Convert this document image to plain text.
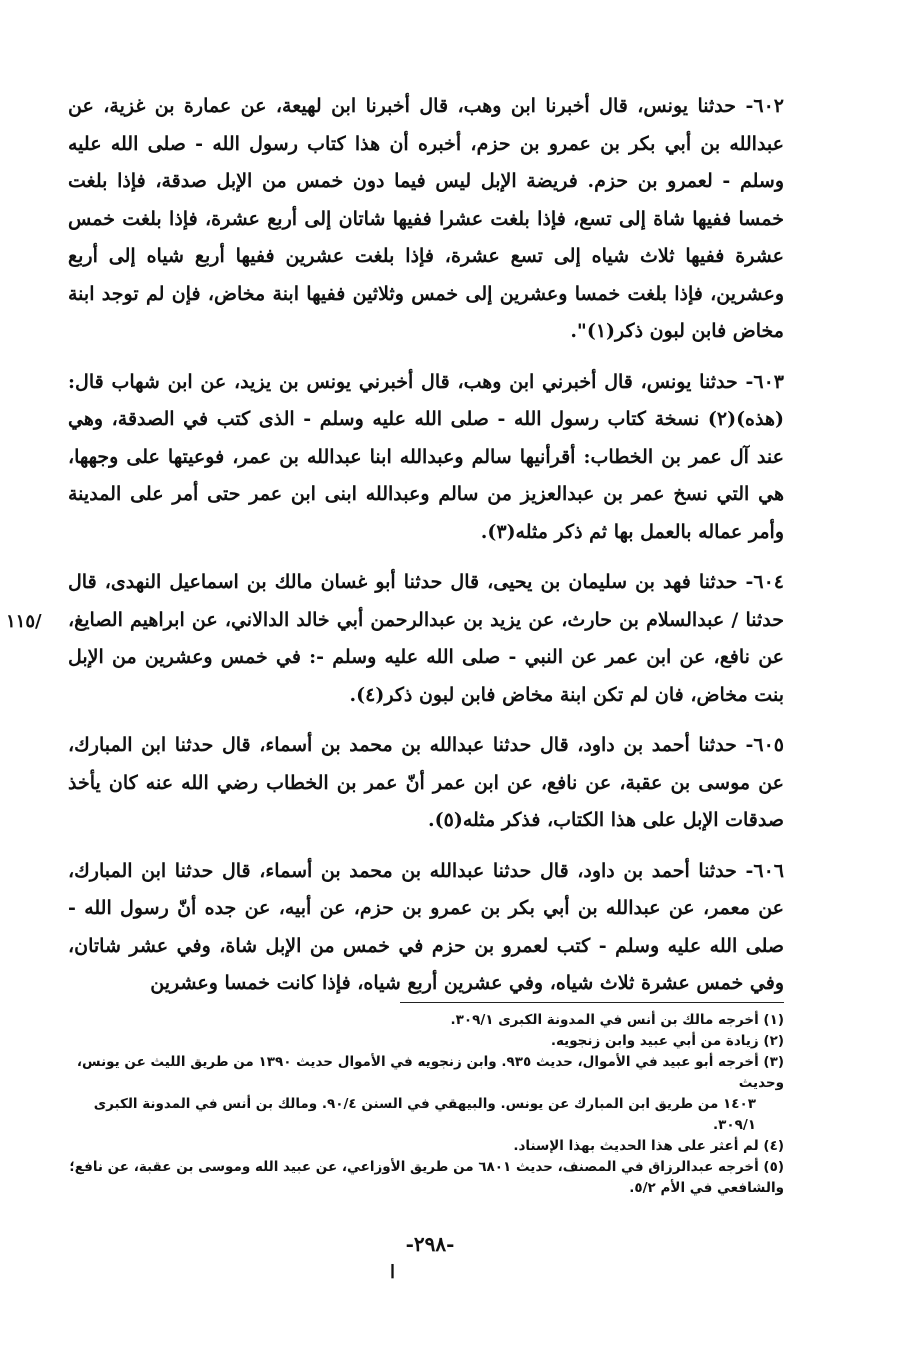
٦٠٢- حدثنا يونس، قال أخبرنا ابن وهب، قال أخبرنا ابن لهيعة، عن عمارة بن غزية، عن عبدالله بن أبي بكر بن عمرو بن حزم، أخبره أن هذا كتاب رسول الله - صلى الله عليه وسلم - لعمرو بن حزم. فريضة الإبل ليس فيما دون خمس من الإبل صدقة، فإذا بلغت خمسا ففيها شاة إلى تسع، فإذا بلغت عشرا ففيها شاتان إلى أربع عشرة، فإذا بلغت خمس عشرة ففيها ثلاث شياه إلى تسع عشرة، فإذا بلغت عشرين ففيها أربع شياه إلى أربع وعشرين، فإذا بلغت خمسا وعشرين إلى خمس وثلاثين ففيها ابنة مخاض، فإن لم توجد ابنة مخاض فابن لبون ذكر(١)".

٦٠٣- حدثنا يونس، قال أخبرني ابن وهب، قال أخبرني يونس بن يزيد، عن ابن شهاب قال: (هذه)(٢) نسخة كتاب رسول الله - صلى الله عليه وسلم - الذى كتب في الصدقة، وهي عند آل عمر بن الخطاب: أقرأنيها سالم وعبدالله ابنا عبدالله بن عمر، فوعيتها على وجهها، هي التي نسخ عمر بن عبدالعزيز من سالم وعبدالله ابنى ابن عمر حتى أمر على المدينة وأمر عماله بالعمل بها ثم ذكر مثله(٣).

٦٠٤- حدثنا فهد بن سليمان بن يحيى، قال حدثنا أبو غسان مالك بن اسماعيل النهدى، قال حدثنا / عبدالسلام بن حارث، عن يزيد بن عبدالرحمن أبي خالد الدالاني، عن ابراهيم الصايغ، عن نافع، عن ابن عمر عن النبي - صلى الله عليه وسلم -: في خمس وعشرين من الإبل بنت مخاض، فان لم تكن ابنة مخاض فابن لبون ذكر(٤).

٦٠٥- حدثنا أحمد بن داود، قال حدثنا عبدالله بن محمد بن أسماء، قال حدثنا ابن المبارك، عن موسى بن عقبة، عن نافع، عن ابن عمر أنّ عمر بن الخطاب رضي الله عنه كان يأخذ صدقات الإبل على هذا الكتاب، فذكر مثله(٥).

٦٠٦- حدثنا أحمد بن داود، قال حدثنا عبدالله بن محمد بن أسماء، قال حدثنا ابن المبارك، عن معمر، عن عبدالله بن أبي بكر بن عمرو بن حزم، عن أبيه، عن جده أنّ رسول الله - صلى الله عليه وسلم - كتب لعمرو بن حزم في خمس من الإبل شاة، وفي عشر شاتان، وفي خمس عشرة ثلاث شياه، وفي عشرين أربع شياه، فإذا كانت خمسا وعشرين

/١١٥

(١) أخرجه مالك بن أنس في المدونة الكبرى ٣٠٩/١.

(٢) زيادة من أبي عبيد وابن زنجويه.

(٣) أخرجه أبو عبيد في الأموال، حديث ٩٣٥. وابن زنجويه في الأموال حديث ١٣٩٠ من طريق الليث عن يونس، وحديث

١٤٠٣ من طريق ابن المبارك عن يونس. والبيهقي في السنن ٩٠/٤. ومالك بن أنس في المدونة الكبرى ٣٠٩/١.

(٤) لم أعثر على هذا الحديث بهذا الإسناد.

(٥) أخرجه عبدالرزاق في المصنف، حديث ٦٨٠١ من طريق الأوزاعي، عن عبيد الله وموسى بن عقبة، عن نافع؛ والشافعي في الأم ٥/٢.

-٢٩٨-
ا
